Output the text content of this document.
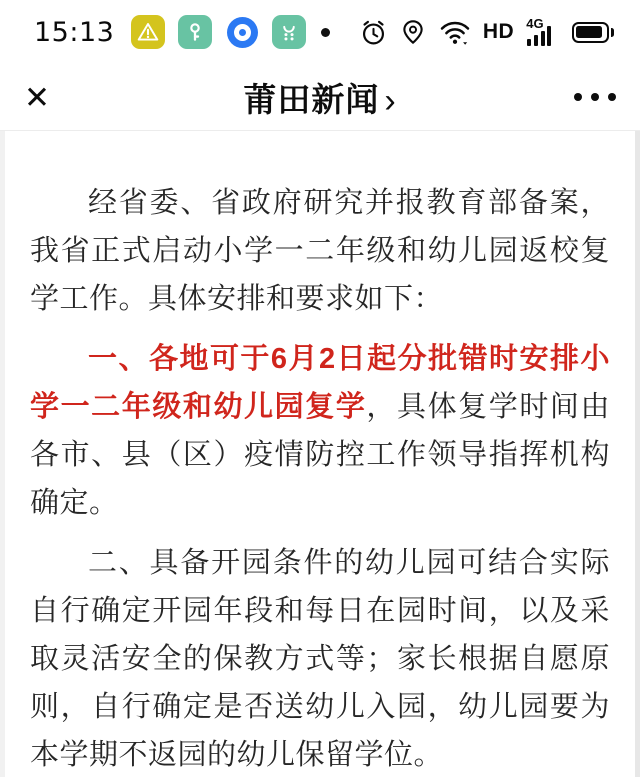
15:13	HD 4G
✕	莆田新闻 ›

经省委、省政府研究并报教育部备案，我省正式启动小学一二年级和幼儿园返校复学工作。具体安排和要求如下：

一、各地可于6月2日起分批错时安排小学一二年级和幼儿园复学，具体复学时间由各市、县（区）疫情防控工作领导指挥机构确定。

二、具备开园条件的幼儿园可结合实际自行确定开园年段和每日在园时间，以及采取灵活安全的保教方式等；家长根据自愿原则，自行确定是否送幼儿入园，幼儿园要为本学期不返园的幼儿保留学位。
